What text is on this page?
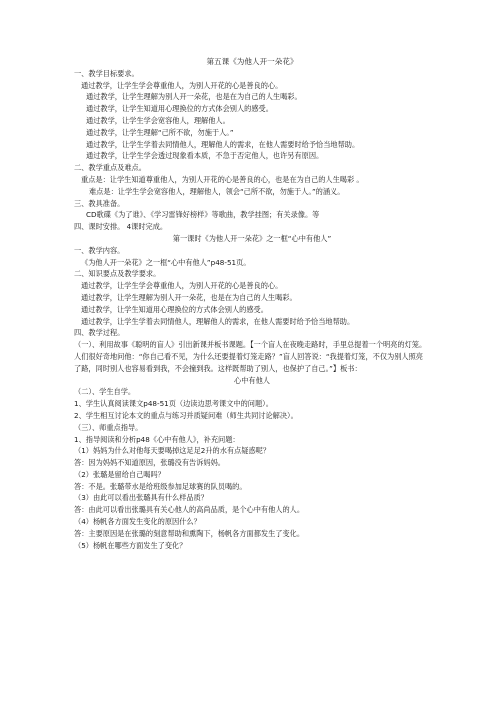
第五课《为他人开一朵花》
一、教学目标要求。
通过教学，让学生学会尊重他人，为别人开花的心是善良的心。
通过教学，让学生理解为别人开一朵花，也是在为自己的人生喝彩。
通过教学，让学生知道用心理换位的方式体会别人的感受。
通过教学，让学生学会宽容他人，理解他人。
通过教学，让学生理解“己所不欲，勿施于人。”
通过教学，让学生学着去同情他人，理解他人的需求，在他人需要时给予恰当地帮助。
通过教学，让学生学会透过现象看本质，不急于否定他人，也许另有原因。
二、教学重点及难点。
重点是：让学生知道尊重他人，为别人开花的心是善良的心，也是在为自己的人生喝彩 。
难点是：让学生学会宽容他人，理解他人，领会“己所不欲，勿施于人。”的涵义。
三、教具准备。
CD歌碟《为了谁》、《学习雷锋好榜样》等歌曲，教学挂图；有关录像。等
四、课时安排。 4课时完成。
第一课时《为他人开一朵花》之一框“心中有他人”
一、教学内容。
《为他人开一朵花》之一框“心中有他人”p48-51页。
二、知识要点及教学要求。
通过教学，让学生学会尊重他人，为别人开花的心是善良的心。
通过教学，让学生理解为别人开一朵花，也是在为自己的人生喝彩。
通过教学，让学生知道用心理换位的方式体会别人的感受。
通过教学，让学生学着去同情他人，理解他人的需求，在他人需要时给予恰当地帮助。
四、教学过程。
（一）、利用故事《聪明的盲人》引出新课并板书课题。【一个盲人在夜晚走路时，手里总提着一个明亮的灯笼。人们很好奇地问他：“你自己看不见，为什么还要提着灯笼走路？”盲人回答说：“我提着灯笼，不仅为别人照亮了路，同时别人也容易看到我，不会撞到我。这样既帮助了别人，也保护了自己。”】板书：
心中有他人
（二）、学生自学。
1、学生认真阅读课文p48-51页（边读边思考课文中的问题）。
2、学生相互讨论本文的重点与练习并质疑问难（师生共同讨论解决）。
（三）、师重点指导。
1、指导阅读和分析p48《心中有他人》，补充问题：
（1）妈妈为什么对他每天要喝掉这足足2升的水有点疑惑呢？
答：因为妈妈不知道原因，张璐没有告诉妈妈。
（2）张璐是留给自己喝吗？
答：不是。张璐带水是给班级参加足球赛的队员喝的。
（3）由此可以看出张璐具有什么样品质？
答：由此可以看出张璐具有关心他人的高尚品质，是个心中有他人的人。
（4）杨帆各方面发生变化的原因什么？
答：主要原因是在张璐的刻意帮助和熏陶下，杨帆各方面都发生了变化。
（5）杨帆在哪些方面发生了变化？
